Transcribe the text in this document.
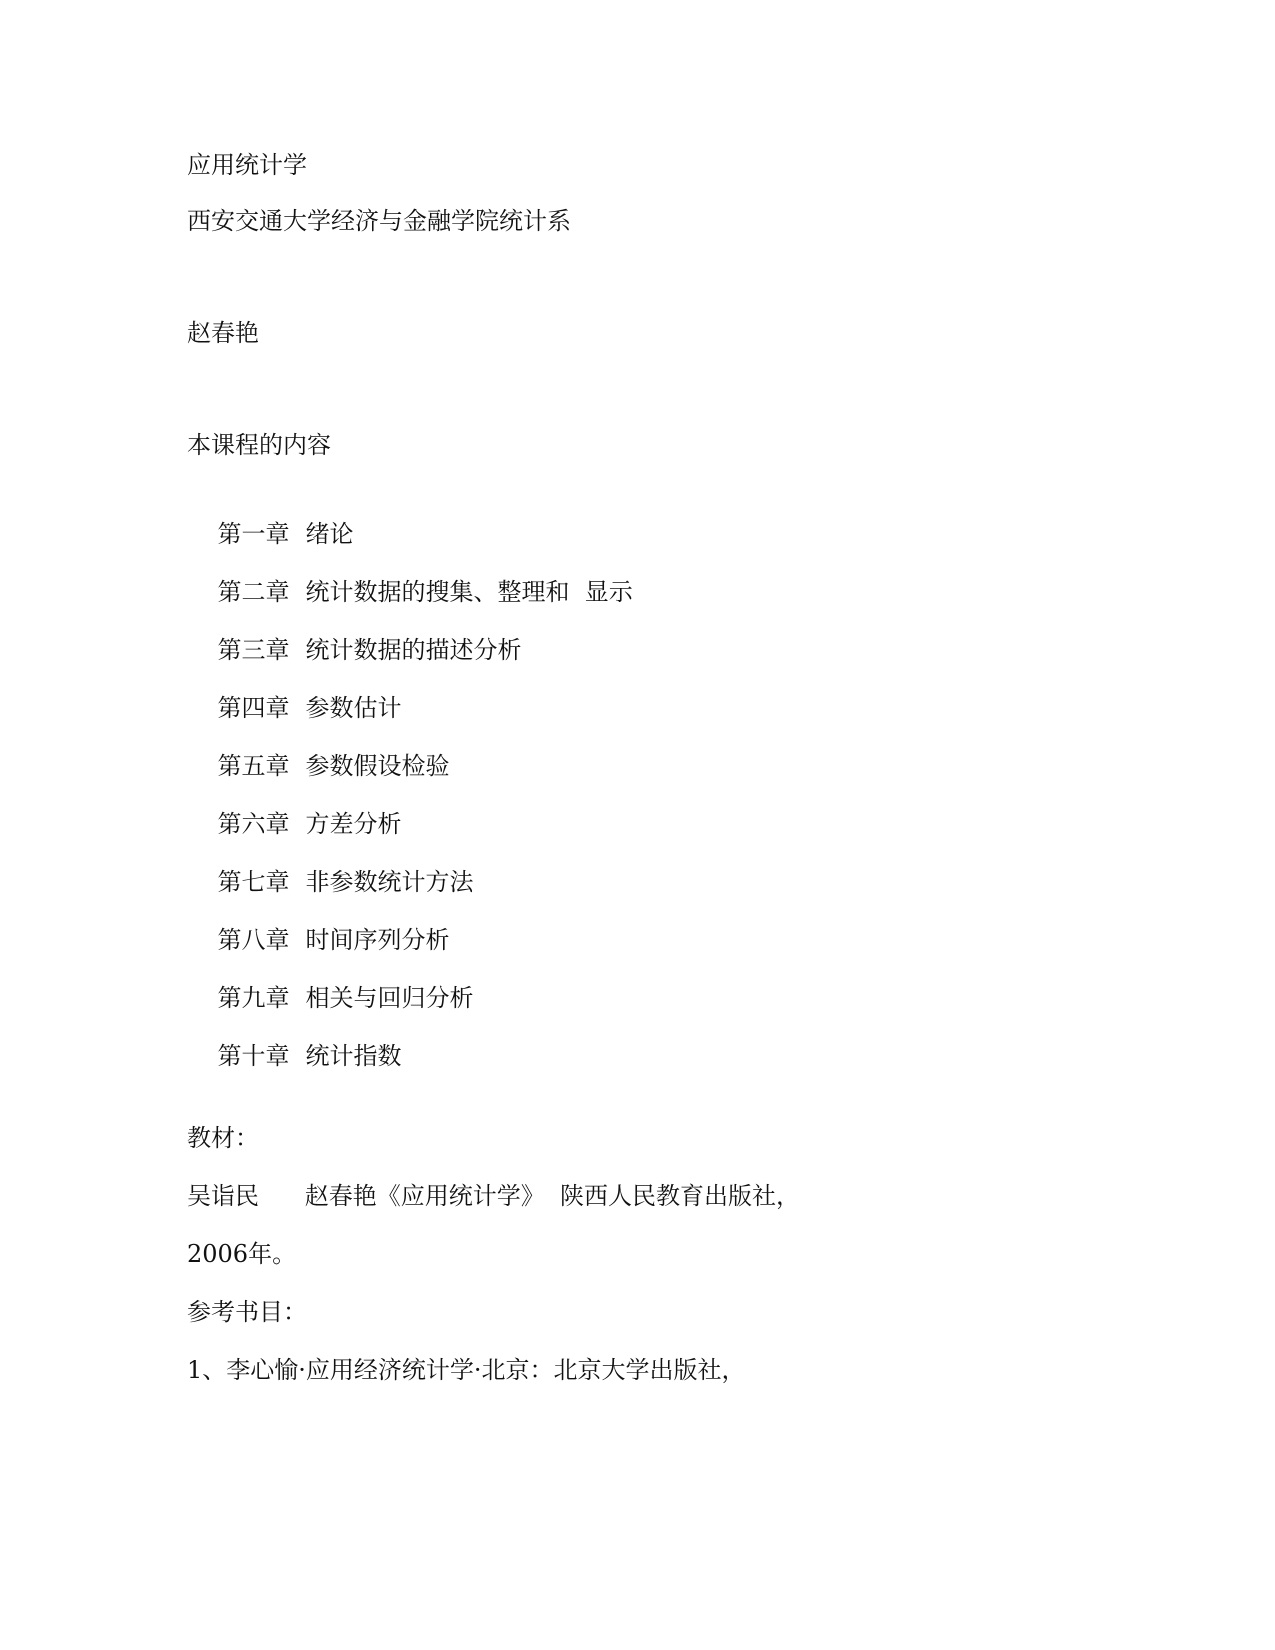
应用统计学
西安交通大学经济与金融学院统计系
赵春艳
本课程的内容

第一章 绪论

第二章 统计数据的搜集、整理和  显示

第三章 统计数据的描述分析

第四章 参数估计

第五章 参数假设检验

第六章 方差分析

第七章 非参数统计方法

第八章 时间序列分析

第九章 相关与回归分析

第十章 统计指数

教材：
吴诣民      赵春艳《应用统计学》  陕西人民教育出版社，
2006年。
参考书目：
1、李心愉·应用经济统计学·北京：北京大学出版社，
